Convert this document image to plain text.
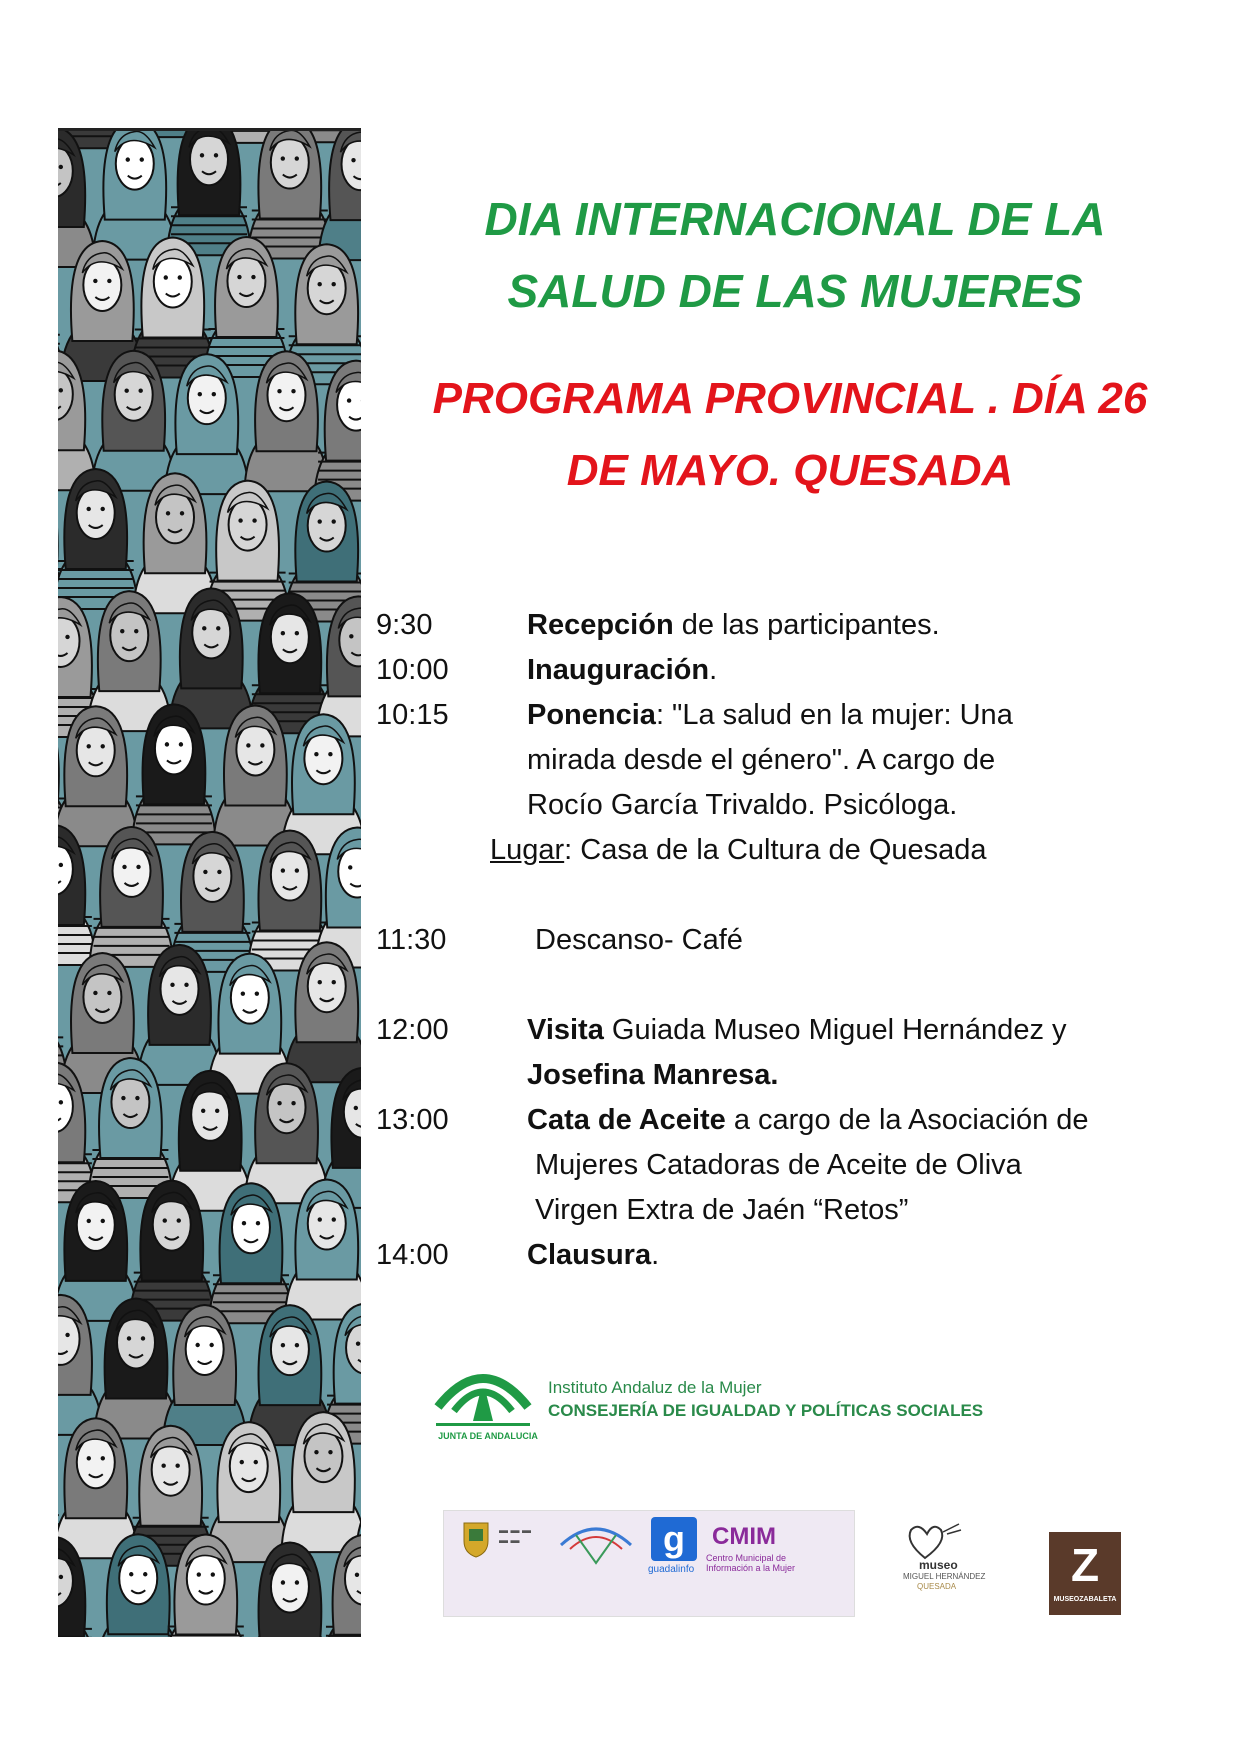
DIA INTERNACIONAL DE LA
SALUD DE LAS MUJERES
PROGRAMA PROVINCIAL . DÍA 26
DE MAYO. QUESADA
9:30	Recepción de las participantes.
10:00	Inauguración.
10:15	Ponencia: "La salud en la mujer: Una
mirada desde el género". A cargo de
Rocío García Trivaldo. Psicóloga.
Lugar: Casa de la Cultura de Quesada
11:30	Descanso- Café
12:00	Visita Guiada Museo Miguel Hernández y
Josefina Manresa.
13:00	Cata de Aceite a cargo de la Asociación de
Mujeres Catadoras de Aceite de Oliva
Virgen Extra de Jaén “Retos”
14:00	Clausura.
JUNTA DE ANDALUCIA
Instituto Andaluz de la Mujer
CONSEJERÍA DE IGUALDAD Y POLÍTICAS SOCIALES
▬ ▬ ▬
▬ ▬	g
guadalinfo
CMIM
Centro Municipal de Información a la Mujer	museo
MIGUEL HERNÁNDEZ
QUESADA	Z
MUSEOZABALETA
